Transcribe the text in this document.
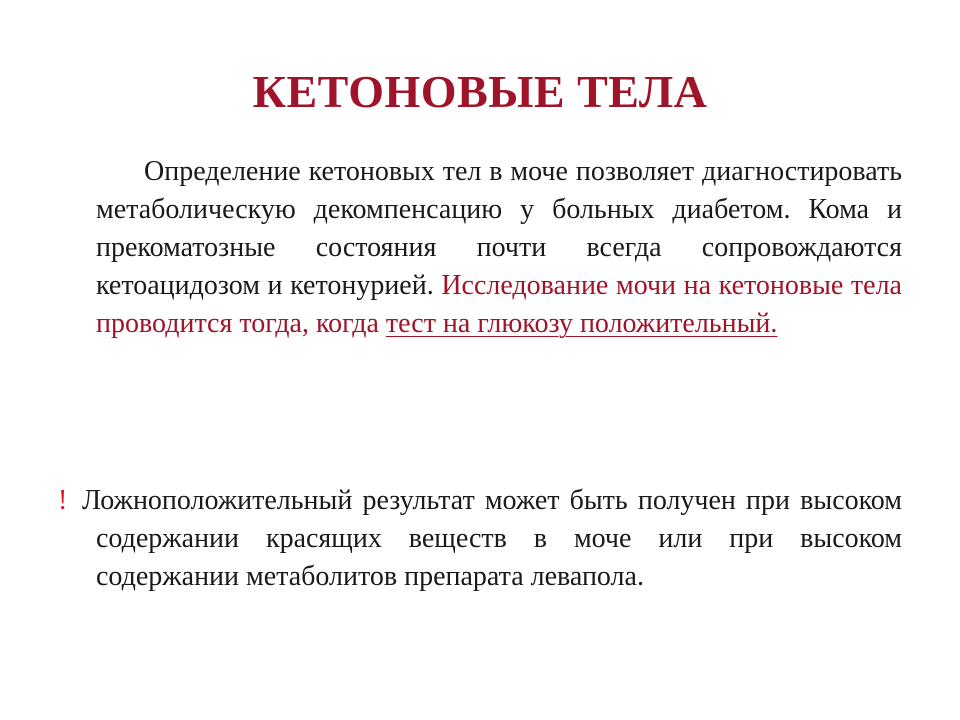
КЕТОНОВЫЕ ТЕЛА

Определение кетоновых тел в моче позволяет диагностировать метаболическую декомпенсацию у больных диабетом. Кома и прекоматозные состояния почти всегда сопровождаются кетоацидозом и кетонурией. Исследование мочи на кетоновые тела проводится тогда, когда тест на глюкозу положительный.

! Ложноположительный результат может быть получен при высоком содержании красящих веществ в моче или при высоком содержании метаболитов препарата левапола.
